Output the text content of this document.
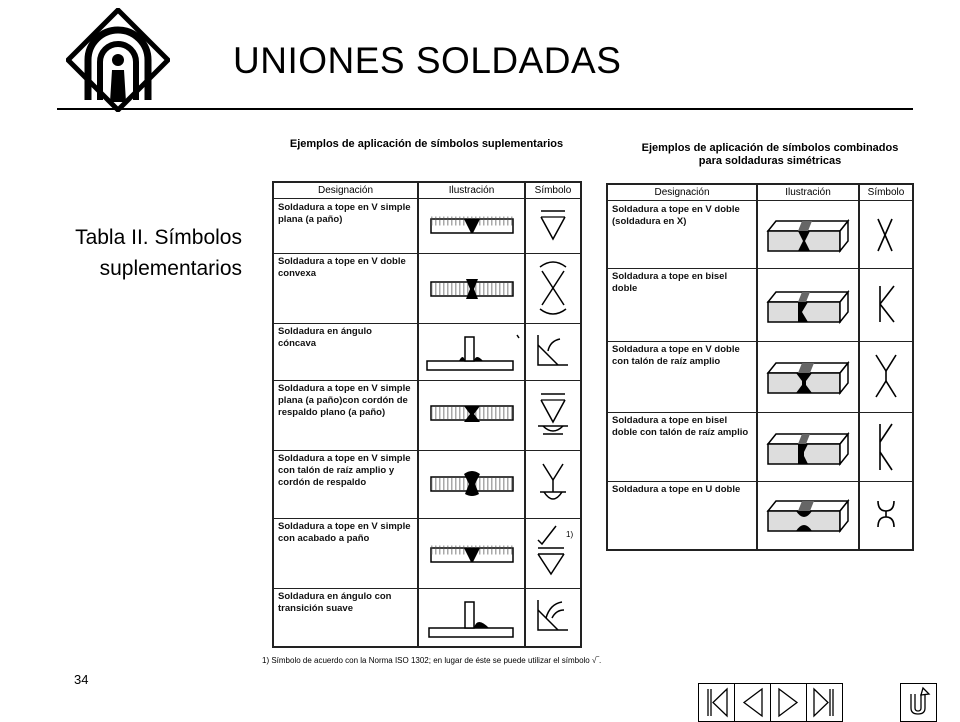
UNIONES SOLDADAS
Tabla II. Símbolos
suplementarios
Ejemplos de aplicación de símbolos suplementarios
Designación	Ilustración	Símbolo
Soldadura a tope en V simple plana (a paño)
Soldadura a tope en V doble convexa
Soldadura en ángulo cóncava
Soldadura a tope en V simple plana (a paño)con cordón de respaldo plano (a paño)
Soldadura a tope en V simple con talón de raíz amplio y cordón de respaldo
Soldadura a tope en V simple con acabado a paño	1)
Soldadura en ángulo con transición suave
1) Símbolo de acuerdo con la Norma ISO 1302; en lugar de éste se puede utilizar el símbolo √‾.
Ejemplos de aplicación de símbolos combinados
para soldaduras simétricas
Designación	Ilustración	Símbolo
Soldadura a tope en V doble (soldadura en X)
Soldadura a tope en bisel doble
Soldadura a tope en V doble con talón de raíz amplio
Soldadura a tope en bisel doble con talón de raíz amplio
Soldadura a tope en U doble
34
